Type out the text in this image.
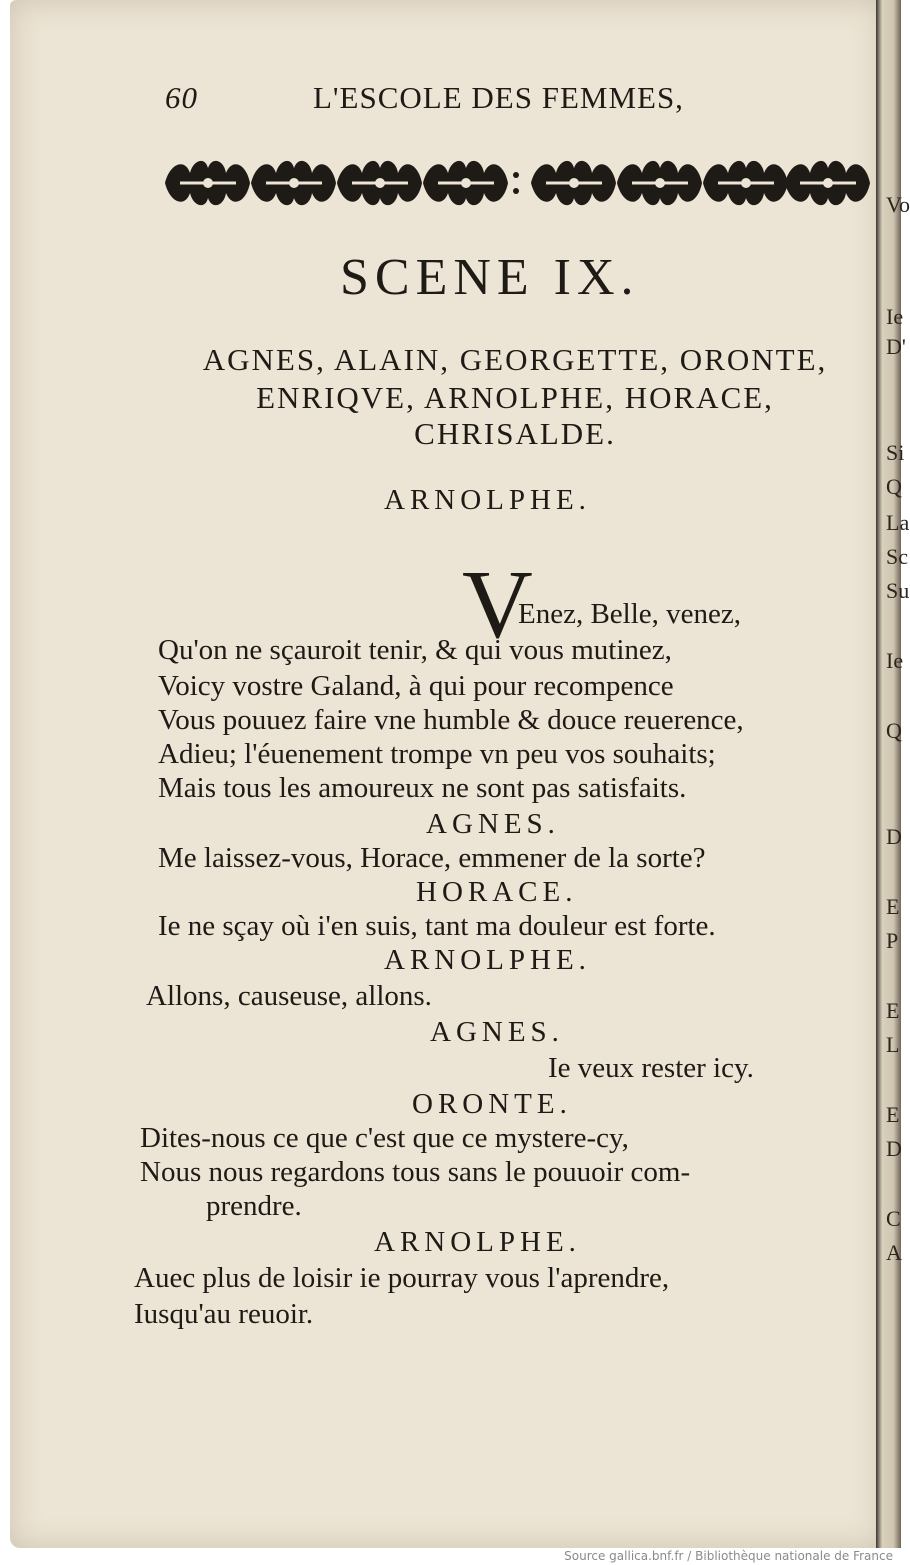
60	L'ESCOLE DES FEMMES,
SCENE IX.
AGNES, ALAIN, GEORGETTE, ORONTE,
ENRIQVE, ARNOLPHE, HORACE,
CHRISALDE.
ARNOLPHE.
V
Enez, Belle, venez,
Qu'on ne sçauroit tenir, & qui vous mutinez,
Voicy vostre Galand, à qui pour recompence
Vous pouuez faire vne humble & douce reuerence,
Adieu; l'éuenement trompe vn peu vos souhaits;
Mais tous les amoureux ne sont pas satisfaits.
AGNES.
Me laissez-vous, Horace, emmener de la sorte?
HORACE.
Ie ne sçay où i'en suis, tant ma douleur est forte.
ARNOLPHE.
Allons, causeuse, allons.
AGNES.
Ie veux rester icy.
ORONTE.
Dites-nous ce que c'est que ce mystere-cy,
Nous nous regardons tous sans le pouuoir com-
prendre.
ARNOLPHE.
Auec plus de loisir ie pourray vous l'aprendre,
Iusqu'au reuoir.
Vo
Ie
D'
Si
Q
La
Sc
Su
Ie
Q
D
E
P
E
L
E
D
C
A
Source gallica.bnf.fr / Bibliothèque nationale de France
